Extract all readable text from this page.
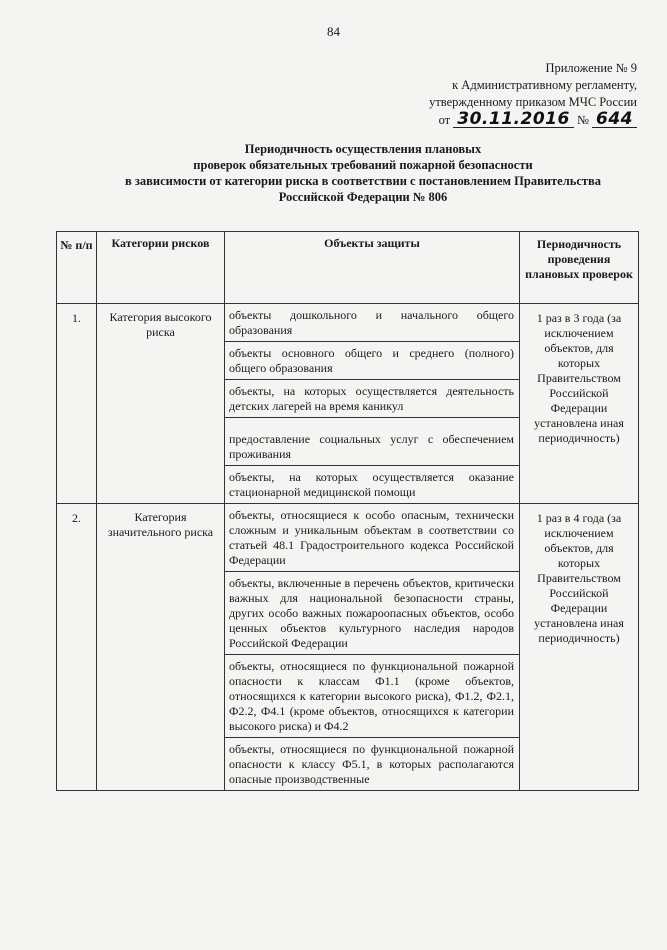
84
Приложение № 9
к Административному регламенту,
утвержденному приказом МЧС России
от 30.11.2016 № 644
Периодичность осуществления плановых
проверок обязательных требований пожарной безопасности
в зависимости от категории риска в соответствии с постановлением Правительства
Российской Федерации № 806
№ п/п	Категории рисков	Объекты защиты	Периодичность проведения плановых проверок
1.	Категория высокого риска	объекты дошкольного и начального общего образования
объекты основного общего и среднего (полного) общего образования
объекты, на которых осуществляется деятельность детских лагерей на время каникул
предоставление социальных услуг с обеспечением проживания
объекты, на которых осуществляется оказание стационарной медицинской помощи	1 раз в 3 года (за исключением объектов, для которых Правительством Российской Федерации установлена иная периодичность)
2.	Категория значительного риска	объекты, относящиеся к особо опасным, технически сложным и уникальным объектам в соответствии со статьей 48.1 Градостроительного кодекса Российской Федерации
объекты, включенные в перечень объектов, критически важных для национальной безопасности страны, других особо важных пожароопасных объектов, особо ценных объектов культурного наследия народов Российской Федерации
объекты, относящиеся по функциональной пожарной опасности к классам Ф1.1 (кроме объектов, относящихся к категории высокого риска), Ф1.2, Ф2.1, Ф2.2, Ф4.1 (кроме объектов, относящихся к категории высокого риска) и Ф4.2
объекты, относящиеся по функциональной пожарной опасности к классу Ф5.1, в которых располагаются опасные производственные	1 раз в 4 года (за исключением объектов, для которых Правительством Российской Федерации установлена иная периодичность)
